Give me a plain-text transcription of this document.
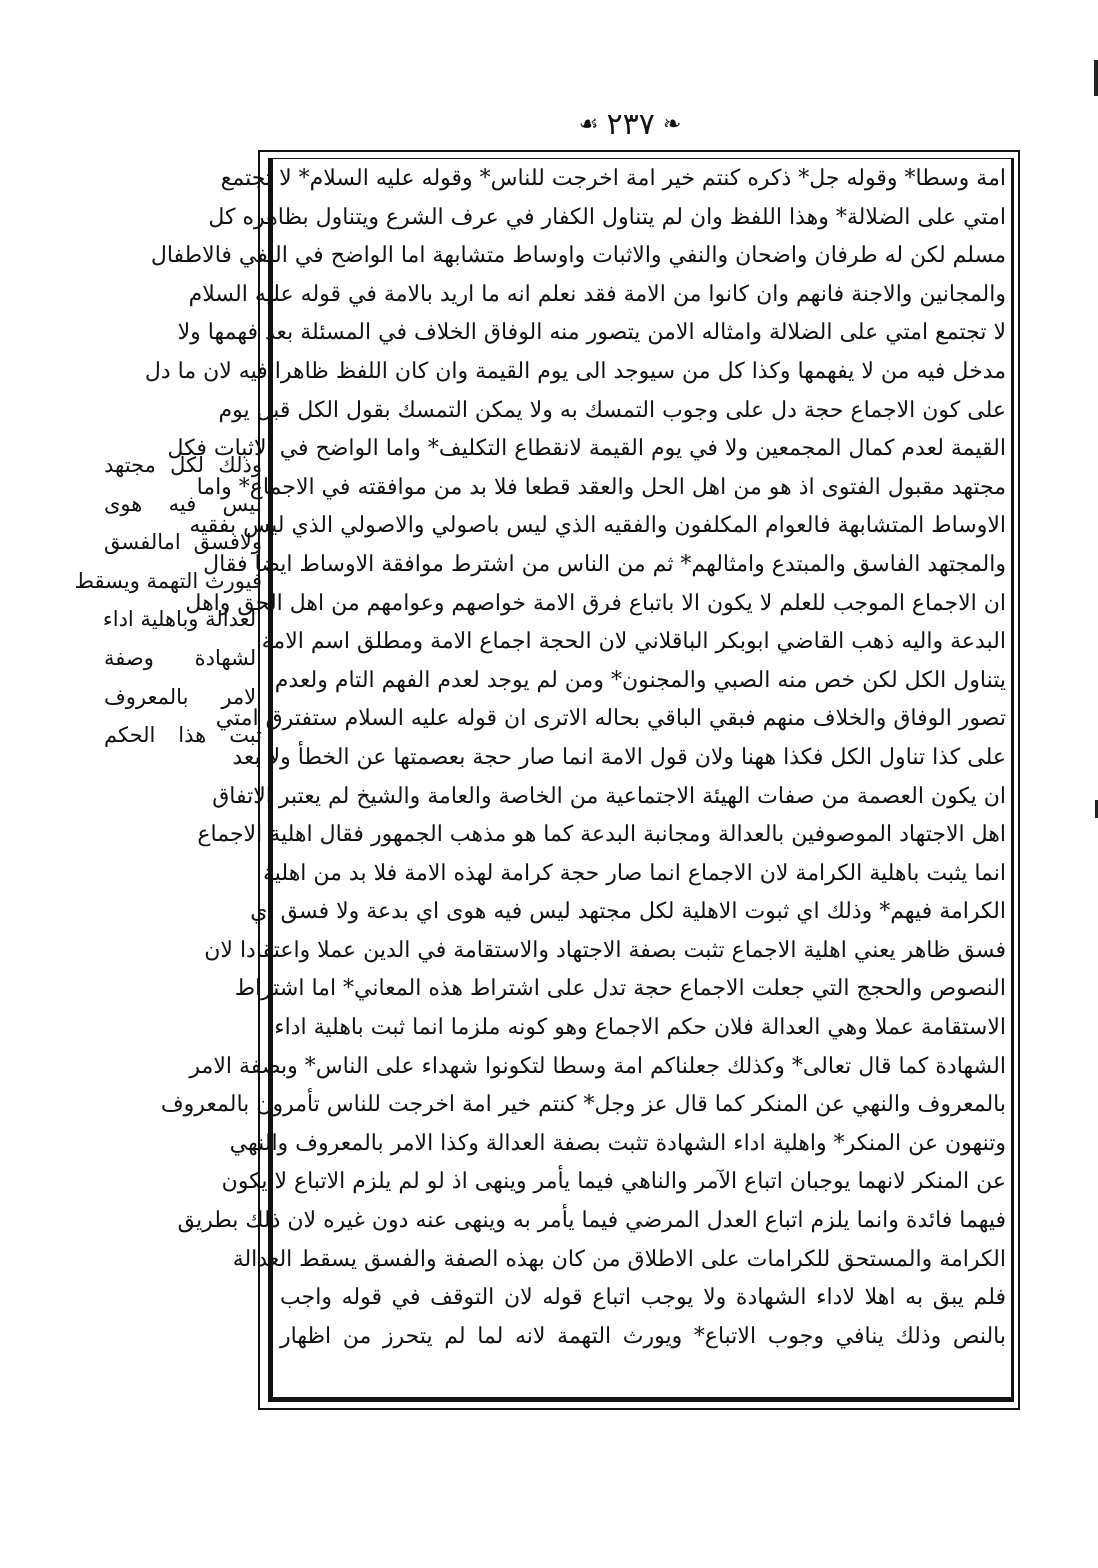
❧
٢٣٧
☙
وذلك لكل مجتهد
ليس فيه هوى
ولافسق امالفسق
فيورث التهمة ويسقط
العدالة وباهلية اداء
الشهادة وصفة
الامر بالمعروف
ثبت هذا الحكم
امة وسطا* وقوله جل* ذكره كنتم خير امة اخرجت للناس* وقوله عليه السلام* لا تجتمع
امتي على الضلالة* وهذا اللفظ وان لم يتناول الكفار في عرف الشرع ويتناول بظاهره كل
مسلم لكن له طرفان واضحان والنفي والاثبات واوساط متشابهة اما الواضح في النفي فالاطفال
والمجانين والاجنة فانهم وان كانوا من الامة فقد نعلم انه ما اريد بالامة في قوله عليه السلام
لا تجتمع امتي على الضلالة وامثاله الامن يتصور منه الوفاق الخلاف في المسئلة بعد فهمها ولا
مدخل فيه من لا يفهمها وكذا كل من سيوجد الى يوم القيمة وان كان اللفظ ظاهرا فيه لان ما دل
على كون الاجماع حجة دل على وجوب التمسك به ولا يمكن التمسك بقول الكل قبل يوم
القيمة لعدم كمال المجمعين ولا في يوم القيمة لانقطاع التكليف* واما الواضح في الاثبات فكل
مجتهد مقبول الفتوى اذ هو من اهل الحل والعقد قطعا فلا بد من موافقته في الاجماع* واما
الاوساط المتشابهة فالعوام المكلفون والفقيه الذي ليس باصولي والاصولي الذي ليس بفقيه
والمجتهد الفاسق والمبتدع وامثالهم* ثم من الناس من اشترط موافقة الاوساط ايضا فقال
ان الاجماع الموجب للعلم لا يكون الا باتباع فرق الامة خواصهم وعوامهم من اهل الحق واهل
البدعة واليه ذهب القاضي ابوبكر الباقلاني لان الحجة اجماع الامة ومطلق اسم الامة
يتناول الكل لكن خص منه الصبي والمجنون* ومن لم يوجد لعدم الفهم التام ولعدم
تصور الوفاق والخلاف منهم فبقي الباقي بحاله الاترى ان قوله عليه السلام ستفترق امتي
على كذا تناول الكل فكذا ههنا ولان قول الامة انما صار حجة بعصمتها عن الخطأ ولا بعد
ان يكون العصمة من صفات الهيئة الاجتماعية من الخاصة والعامة والشيخ لم يعتبر الاتفاق
اهل الاجتهاد الموصوفين بالعدالة ومجانبة البدعة كما هو مذهب الجمهور فقال اهلية الاجماع
انما يثبت باهلية الكرامة لان الاجماع انما صار حجة كرامة لهذه الامة فلا بد من اهلية
الكرامة فيهم* وذلك اي ثبوت الاهلية لكل مجتهد ليس فيه هوى اي بدعة ولا فسق اي
فسق ظاهر يعني اهلية الاجماع تثبت بصفة الاجتهاد والاستقامة في الدين عملا واعتقادا لان
النصوص والحجج التي جعلت الاجماع حجة تدل على اشتراط هذه المعاني* اما اشتراط
الاستقامة عملا وهي العدالة فلان حكم الاجماع وهو كونه ملزما انما ثبت باهلية اداء
الشهادة كما قال تعالى* وكذلك جعلناكم امة وسطا لتكونوا شهداء على الناس* وبصفة الامر
بالمعروف والنهي عن المنكر كما قال عز وجل* كنتم خير امة اخرجت للناس تأمرون بالمعروف
وتنهون عن المنكر* واهلية اداء الشهادة تثبت بصفة العدالة وكذا الامر بالمعروف والنهي
عن المنكر لانهما يوجبان اتباع الآمر والناهي فيما يأمر وينهى اذ لو لم يلزم الاتباع لا يكون
فيهما فائدة وانما يلزم اتباع العدل المرضي فيما يأمر به وينهى عنه دون غيره لان ذلك بطريق
الكرامة والمستحق للكرامات على الاطلاق من كان بهذه الصفة والفسق يسقط العدالة
فلم يبق به اهلا لاداء الشهادة ولا يوجب اتباع قوله لان التوقف في قوله واجب
بالنص وذلك ينافي وجوب الاتباع* ويورث التهمة لانه لما لم يتحرز من اظهار
